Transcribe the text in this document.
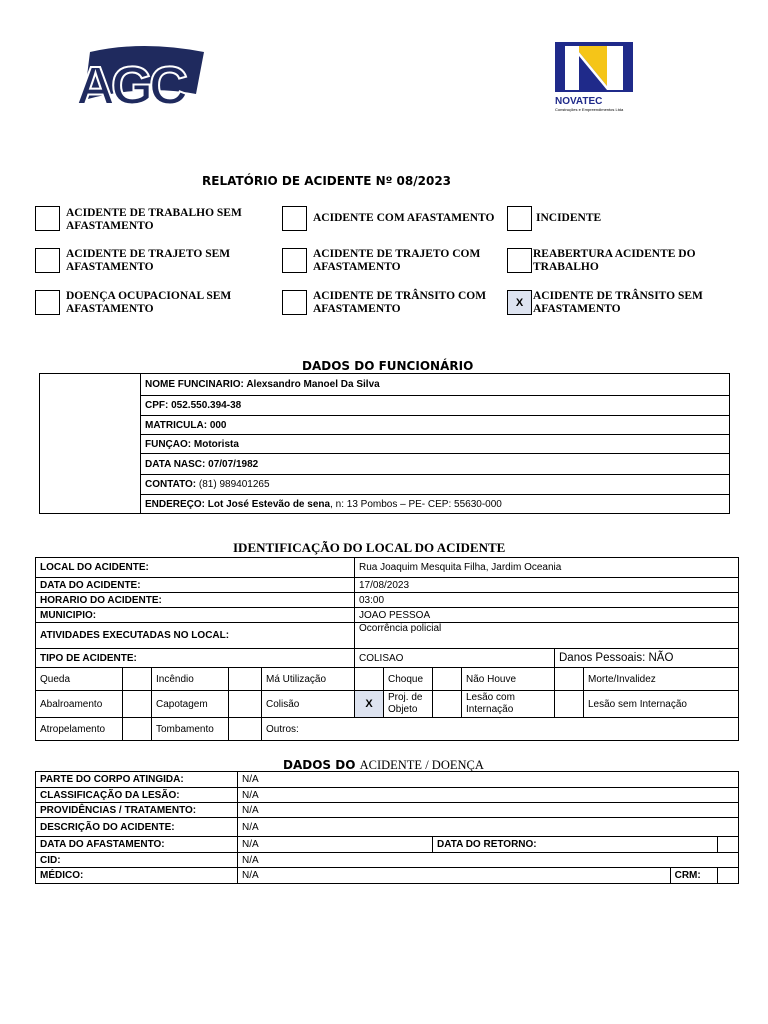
AGC	NOVATEC
Construções e Empreendimentos Ltda
RELATÓRIO DE ACIDENTE Nº 08/2023
ACIDENTE DE TRABALHO SEM AFASTAMENTO
ACIDENTE COM AFASTAMENTO	INCIDENTE
ACIDENTE DE TRAJETO SEM AFASTAMENTO
ACIDENTE DE TRAJETO COM AFASTAMENTO
REABERTURA ACIDENTE DO TRABALHO
DOENÇA OCUPACIONAL SEM AFASTAMENTO
ACIDENTE DE TRÂNSITO COM AFASTAMENTO
X
ACIDENTE DE TRÂNSITO SEM AFASTAMENTO
DADOS DO FUNCIONÁRIO
	NOME FUNCINARIO: Alexsandro Manoel Da Silva
CPF: 052.550.394-38
MATRICULA: 000
FUNÇAO: Motorista
DATA NASC: 07/07/1982
CONTATO: (81) 989401265
ENDEREÇO: Lot José Estevão de sena, n: 13 Pombos – PE- CEP: 55630-000
IDENTIFICAÇÃO DO LOCAL DO ACIDENTE
LOCAL DO ACIDENTE:					Rua Joaquim Mesquita Filha, Jardim Oceania					
DATA DO ACIDENTE:					17/08/2023					
HORARIO DO ACIDENTE:					03:00					
MUNICIPIO:					JOAO PESSOA					
ATIVIDADES EXECUTADAS NO LOCAL:					Ocorrência policial					
TIPO DE ACIDENTE:					COLISAO				Danos Pessoais: NÃO	
Queda		Incêndio		Má Utilização		Choque		Não Houve		Morte/Invalidez
Abalroamento		Capotagem		Colisão	X	Proj. de Objeto		Lesão com Internação		Lesão sem Internação
Atropelamento		Tombamento		Outros:						
DADOS DO ACIDENTE / DOENÇA
PARTE DO CORPO ATINGIDA:	N/A			
CLASSIFICAÇÃO DA LESÃO:	N/A			
PROVIDÊNCIAS / TRATAMENTO:	N/A			
DESCRIÇÃO DO ACIDENTE:	N/A			
DATA DO AFASTAMENTO:	N/A	DATA DO RETORNO:		
CID:	N/A			
MÉDICO:	N/A		CRM:	
